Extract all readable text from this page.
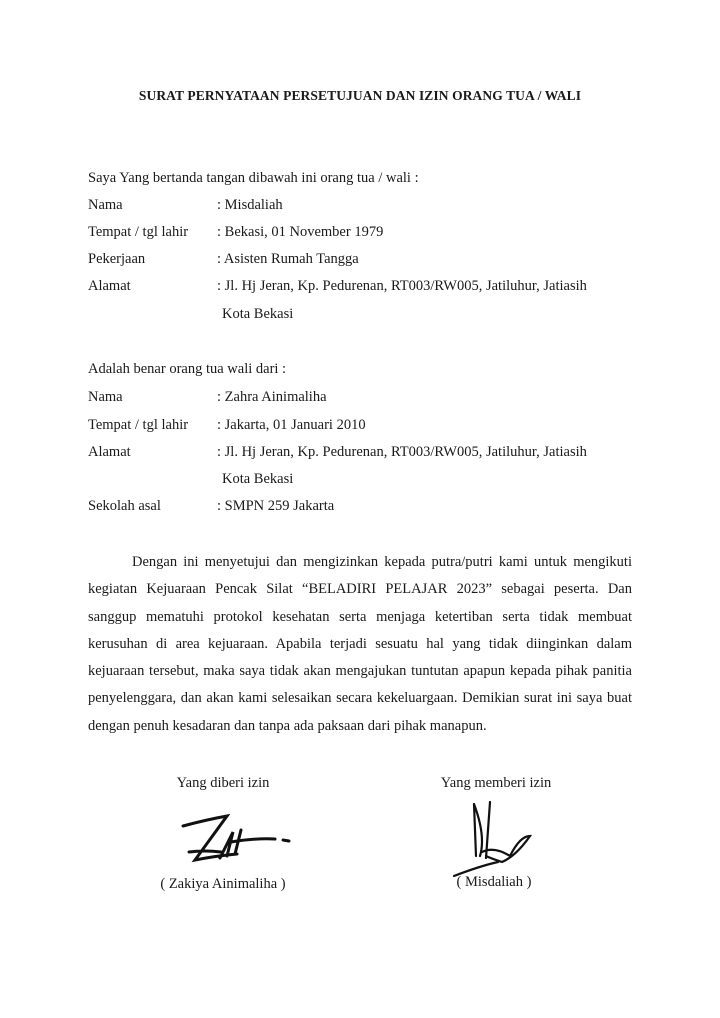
SURAT PERNYATAAN PERSETUJUAN DAN IZIN ORANG TUA / WALI
Saya Yang bertanda tangan dibawah ini orang tua / wali :
Nama	: Misdaliah
Tempat / tgl lahir : Bekasi, 01 November 1979
Pekerjaan	: Asisten Rumah Tangga
Alamat	: Jl. Hj Jeran, Kp. Pedurenan, RT003/RW005, Jatiluhur, Jatiasih
Kota Bekasi
Adalah benar orang tua wali dari :
Nama	: Zahra Ainimaliha
Tempat / tgl lahir : Jakarta, 01 Januari 2010
Alamat	: Jl. Hj Jeran, Kp. Pedurenan, RT003/RW005, Jatiluhur, Jatiasih
Kota Bekasi
Sekolah asal	: SMPN 259 Jakarta
Dengan ini menyetujui dan mengizinkan kepada putra/putri kami untuk mengikuti kegiatan Kejuaraan Pencak Silat “BELADIRI PELAJAR 2023” sebagai peserta. Dan sanggup mematuhi protokol kesehatan serta menjaga ketertiban serta tidak membuat kerusuhan di area kejuaraan. Apabila terjadi sesuatu hal yang tidak diinginkan dalam kejuaraan tersebut, maka saya tidak akan mengajukan tuntutan apapun kepada pihak panitia penyelenggara, dan akan kami selesaikan secara kekeluargaan. Demikian surat ini saya buat dengan penuh kesadaran dan tanpa ada paksaan dari pihak manapun.
Yang diberi izin	Yang memberi izin
( Zakiya Ainimaliha )	( Misdaliah )
